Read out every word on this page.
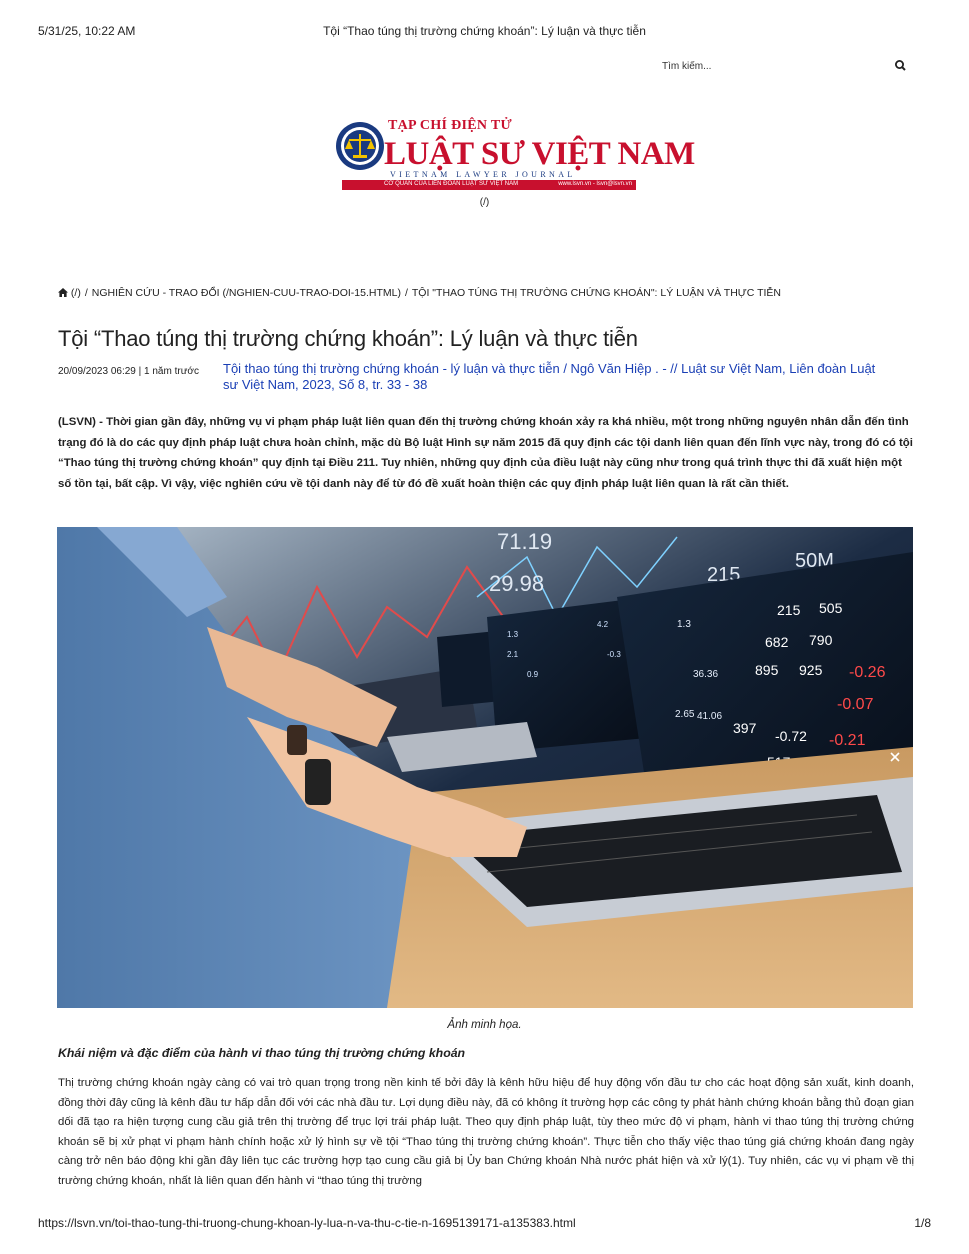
5/31/25, 10:22 AM	Tội “Thao túng thị trường chứng khoán”: Lý luận và thực tiễn
Tìm kiếm...
TẠP CHÍ ĐIỆN TỬ
LUẬT SƯ VIỆT NAM
VIETNAM LAWYER JOURNAL
CƠ QUAN CỦA LIÊN ĐOÀN LUẬT SƯ VIỆT NAM	www.lsvn.vn - lsvn@lsvn.vn
(/)
(/) / NGHIÊN CỨU - TRAO ĐỔI (/NGHIEN-CUU-TRAO-DOI-15.HTML) / TỘI "THAO TÚNG THỊ TRƯỜNG CHỨNG KHOÁN": LÝ LUẬN VÀ THỰC TIỄN
Tội “Thao túng thị trường chứng khoán”: Lý luận và thực tiễn
20/09/2023 06:29 | 1 năm trước Tội thao túng thị trường chứng khoán - lý luận và thực tiễn / Ngô Văn Hiệp . - // Luật sư Việt Nam, Liên đoàn Luật sư Việt Nam, 2023, Số 8, tr. 33 - 38

(LSVN) - Thời gian gần đây, những vụ vi phạm pháp luật liên quan đến thị trường chứng khoán xảy ra khá nhiều, một trong những nguyên nhân dẫn đến tình trạng đó là do các quy định pháp luật chưa hoàn chỉnh, mặc dù Bộ luật Hình sự năm 2015 đã quy định các tội danh liên quan đến lĩnh vực này, trong đó có tội “Thao túng thị trường chứng khoán” quy định tại Điều 211. Tuy nhiên, những quy định của điều luật này cũng như trong quá trình thực thi đã xuất hiện một số tồn tại, bất cập. Vì vậy, việc nghiên cứu về tội danh này để từ đó đề xuất hoàn thiện các quy định pháp luật liên quan là rất cần thiết.

71.19
29.98	215
50M
1.3
2.1
0.9
4.2
-0.3
215 505
682 790
895 925 -0.26
-0.07
397 -0.72 -0.21
1.3
36.36
41.06
2.65
Ảnh minh họa.
Khái niệm và đặc điểm của hành vi thao túng thị trường chứng khoán

Thị trường chứng khoán ngày càng có vai trò quan trọng trong nền kinh tế bởi đây là kênh hữu hiệu để huy động vốn đầu tư cho các hoạt động sản xuất, kinh doanh, đồng thời đây cũng là kênh đầu tư hấp dẫn đối với các nhà đầu tư. Lợi dụng điều này, đã có không ít trường hợp các công ty phát hành chứng khoán bằng thủ đoạn gian dối đã tạo ra hiện tượng cung cầu giả trên thị trường để trục lợi trái pháp luật. Theo quy định pháp luật, tùy theo mức độ vi phạm, hành vi thao túng thị trường chứng khoán sẽ bị xử phạt vi phạm hành chính hoặc xử lý hình sự về tội “Thao túng thị trường chứng khoán”. Thực tiễn cho thấy việc thao túng giá chứng khoán đang ngày càng trở nên báo động khi gần đây liên tục các trường hợp tạo cung cầu giả bị Ủy ban Chứng khoán Nhà nước phát hiện và xử lý(1). Tuy nhiên, các vụ vi phạm về thị trường chứng khoán, nhất là liên quan đến hành vi “thao túng thị trường

https://lsvn.vn/toi-thao-tung-thi-truong-chung-khoan-ly-lua-n-va-thu-c-tie-n-1695139171-a135383.html	1/8
